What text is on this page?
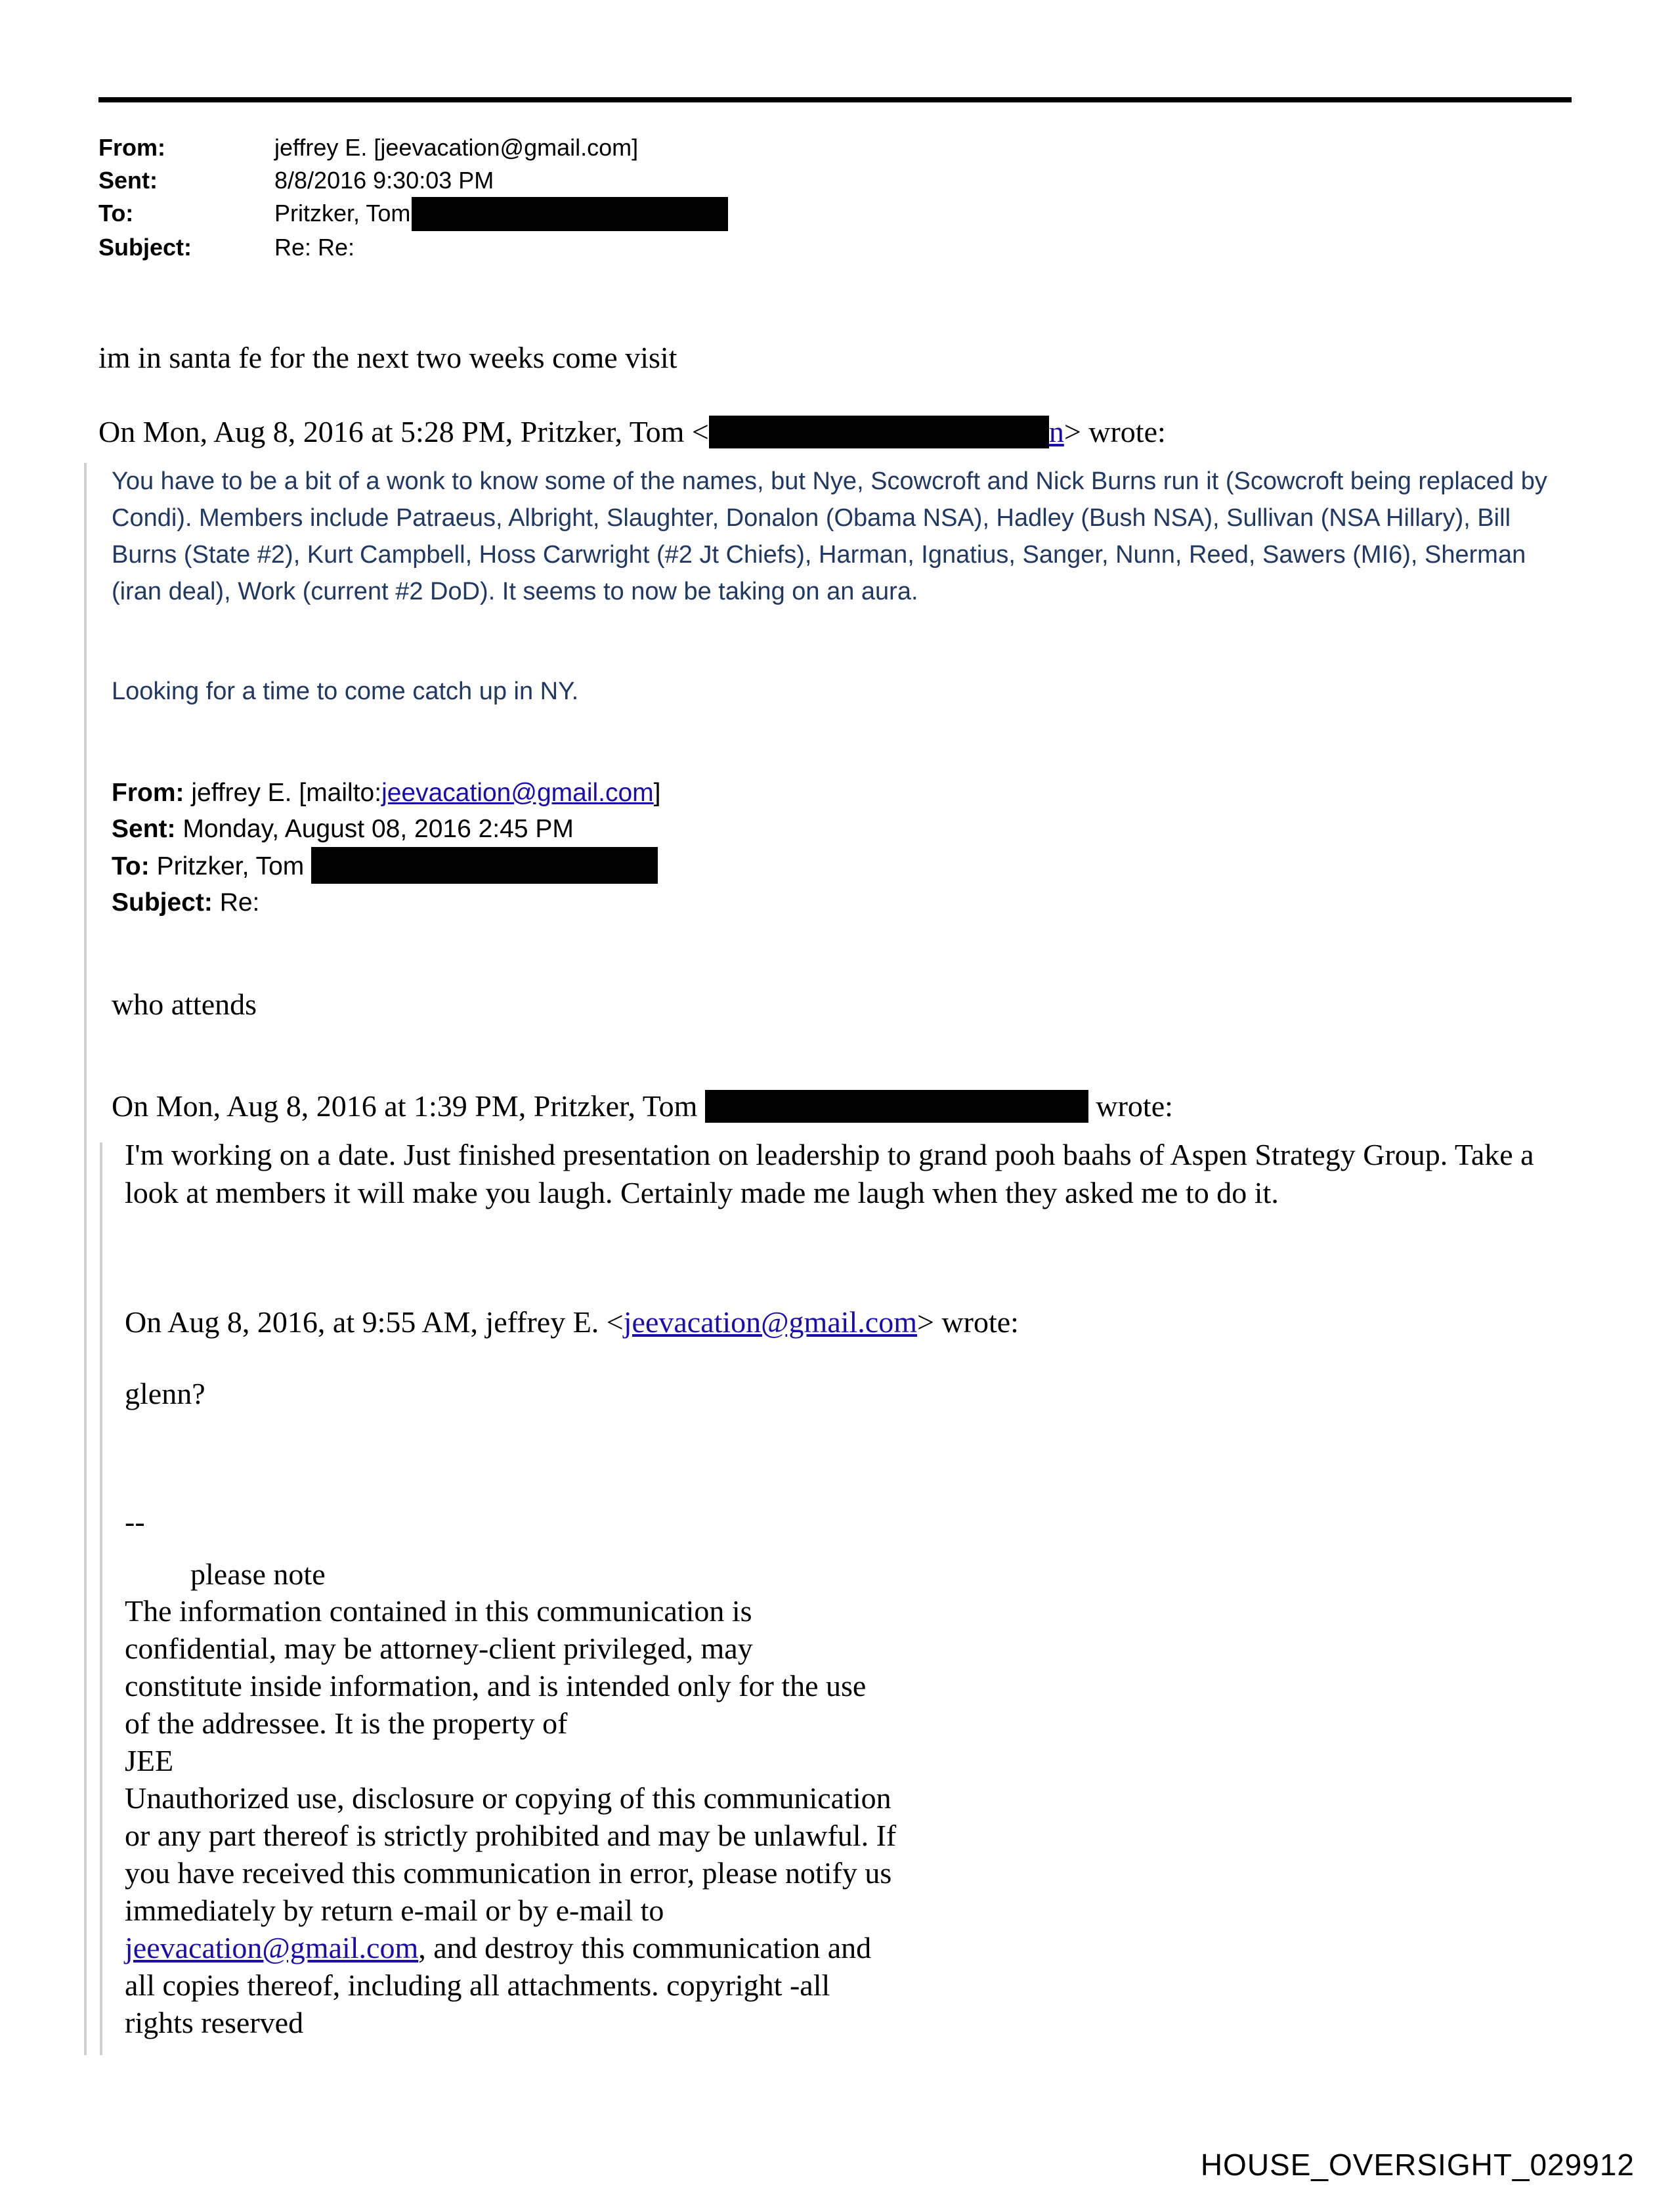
From:	jeffrey E. [jeevacation@gmail.com]
Sent:	8/8/2016 9:30:03 PM
To:	Pritzker, Tom
Subject:	Re: Re:
im in santa fe for the next two weeks come visit
On Mon, Aug 8, 2016 at 5:28 PM, Pritzker, Tom <	n> wrote:
You have to be a bit of a wonk to know some of the names, but Nye, Scowcroft and Nick Burns run it (Scowcroft being replaced by Condi). Members include Patraeus, Albright, Slaughter, Donalon (Obama NSA), Hadley (Bush NSA), Sullivan (NSA Hillary), Bill Burns (State #2), Kurt Campbell, Hoss Carwright (#2 Jt Chiefs), Harman, Ignatius, Sanger, Nunn, Reed, Sawers (MI6), Sherman (iran deal), Work (current #2 DoD). It seems to now be taking on an aura.
Looking for a time to come catch up in NY.
From: jeffrey E. [mailto:jeevacation@gmail.com]
Sent: Monday, August 08, 2016 2:45 PM
To: Pritzker, Tom
Subject: Re:
who attends
On Mon, Aug 8, 2016 at 1:39 PM, Pritzker, Tom	wrote:
I'm working on a date. Just finished presentation on leadership to grand pooh baahs of Aspen Strategy Group. Take a look at members it will make you laugh. Certainly made me laugh when they asked me to do it.
On Aug 8, 2016, at 9:55 AM, jeffrey E. <jeevacation@gmail.com> wrote:
glenn?
--
please note
The information contained in this communication is confidential, may be attorney-client privileged, may constitute inside information, and is intended only for the use of the addressee. It is the property of
JEE
Unauthorized use, disclosure or copying of this communication or any part thereof is strictly prohibited and may be unlawful. If you have received this communication in error, please notify us immediately by return e-mail or by e-mail to jeevacation@gmail.com, and destroy this communication and all copies thereof, including all attachments. copyright -all rights reserved
HOUSE_OVERSIGHT_029912
